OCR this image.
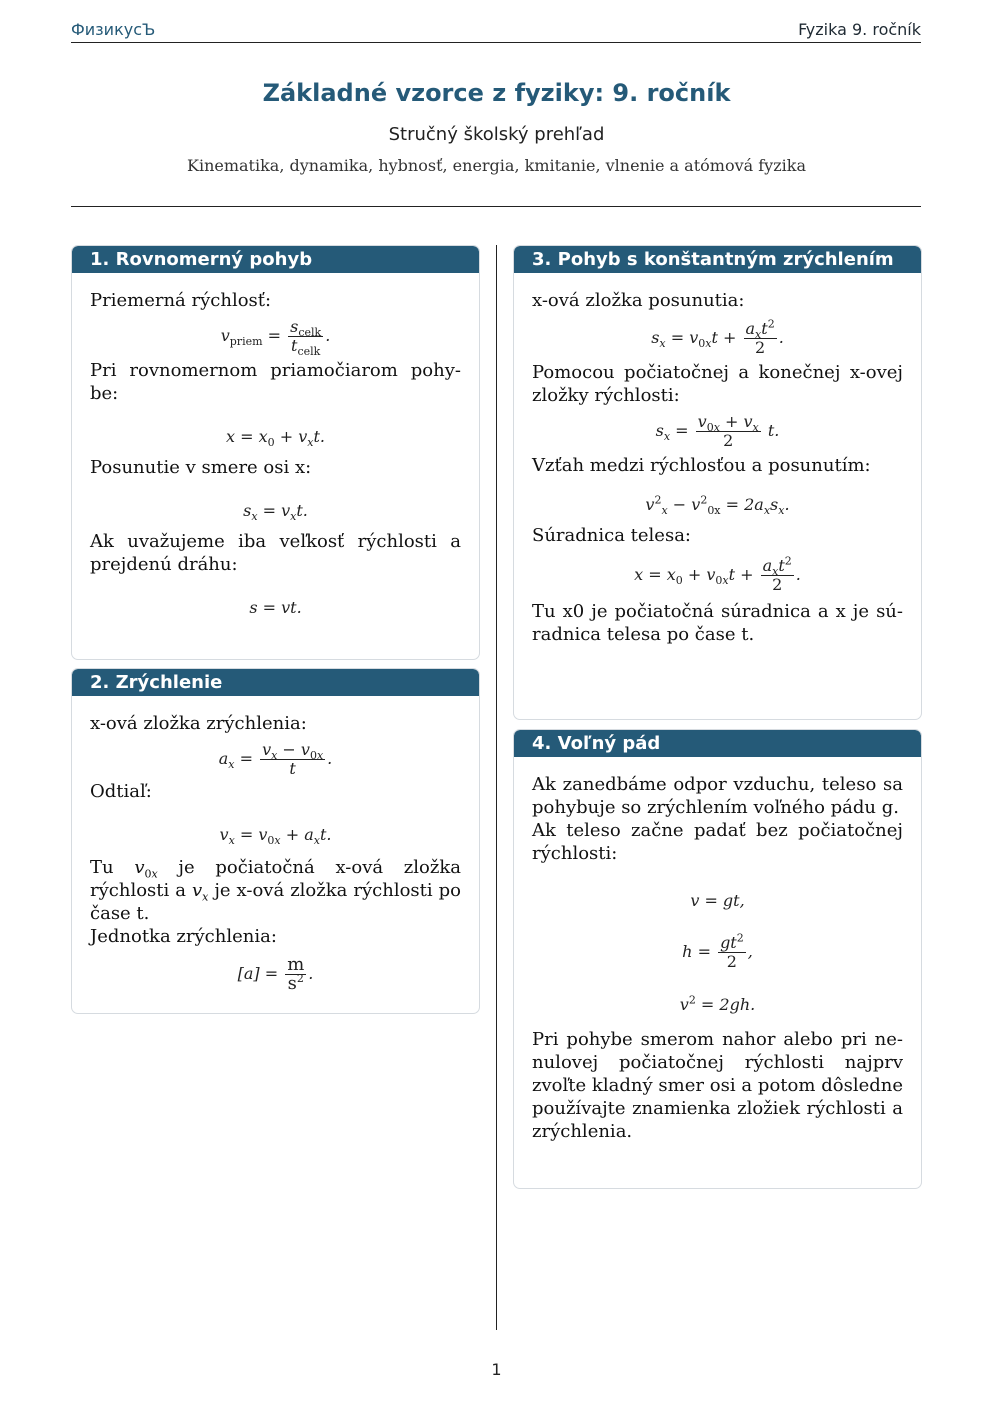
ФизикусЪ	Fyzika 9. ročník
Základné vzorce z fyziky: 9. ročník
Stručný školský prehľad
Kinematika, dynamika, hybnosť, energia, kmitanie, vlnenie a atómová fyzika
1. Rovnomerný pohyb

Priemerná rýchlosť:

$v_{priem} = \frac{s_{celk}}{t_{celk}}$ .

Pri rovnomernom priamočiarom pohybe:

$x = x_0 + v_xt$.

Posunutie v smere osi x:

$s_x = v_xt$.

Ak uvažujeme iba veľkosť rýchlosti a prejdenú dráhu:

s = vt.
2. Zrýchlenie

x-ová zložka zrýchlenia:

$a_x = \frac{v_x - v_{0x}}{t}$ .

Odtiaľ:

$v_x = v_{0x} + a_xt$.

Tu $v_{0x}$ je počiatočná x-ová zložka rýchlosti a $v_x$ je x-ová zložka rýchlosti po čase t.

Jednotka zrýchlenia:

$[a] = \frac{m}{s^2}$ .
3. Pohyb s konštantným zrýchlením

x-ová zložka posunutia:

$s_x = v_{0x}t + \frac{a_xt^2}{2}$ .

Pomocou počiatočnej a konečnej x-ovej zložky rýchlosti:

$s_x = \frac{v_{0x} + v_x}{2} t$.

Vzťah medzi rýchlosťou a posunutím:

$v^2_x - v^2_{0x} = 2a_xs_x$.

Súradnica telesa:

$x = x_0 + v_{0x}t + \frac{a_xt^2}{2}$ .

Tu x0 je počiatočná súradnica a x je súradnica telesa po čase t.

4. Voľný pád

Ak zanedbáme odpor vzduchu, teleso sa pohybuje so zrýchlením voľného pádu g.

Ak teleso začne padať bez počiatočnej rýchlosti:

v = gt,
$h = \frac{gt^2}{2}$ ,
$v^2 = 2gh$.

Pri pohybe smerom nahor alebo pri nenulovej počiatočnej rýchlosti najprv zvoľte kladný smer osi a potom dôsledne používajte znamienka zložiek rýchlosti a zrýchlenia.

1
